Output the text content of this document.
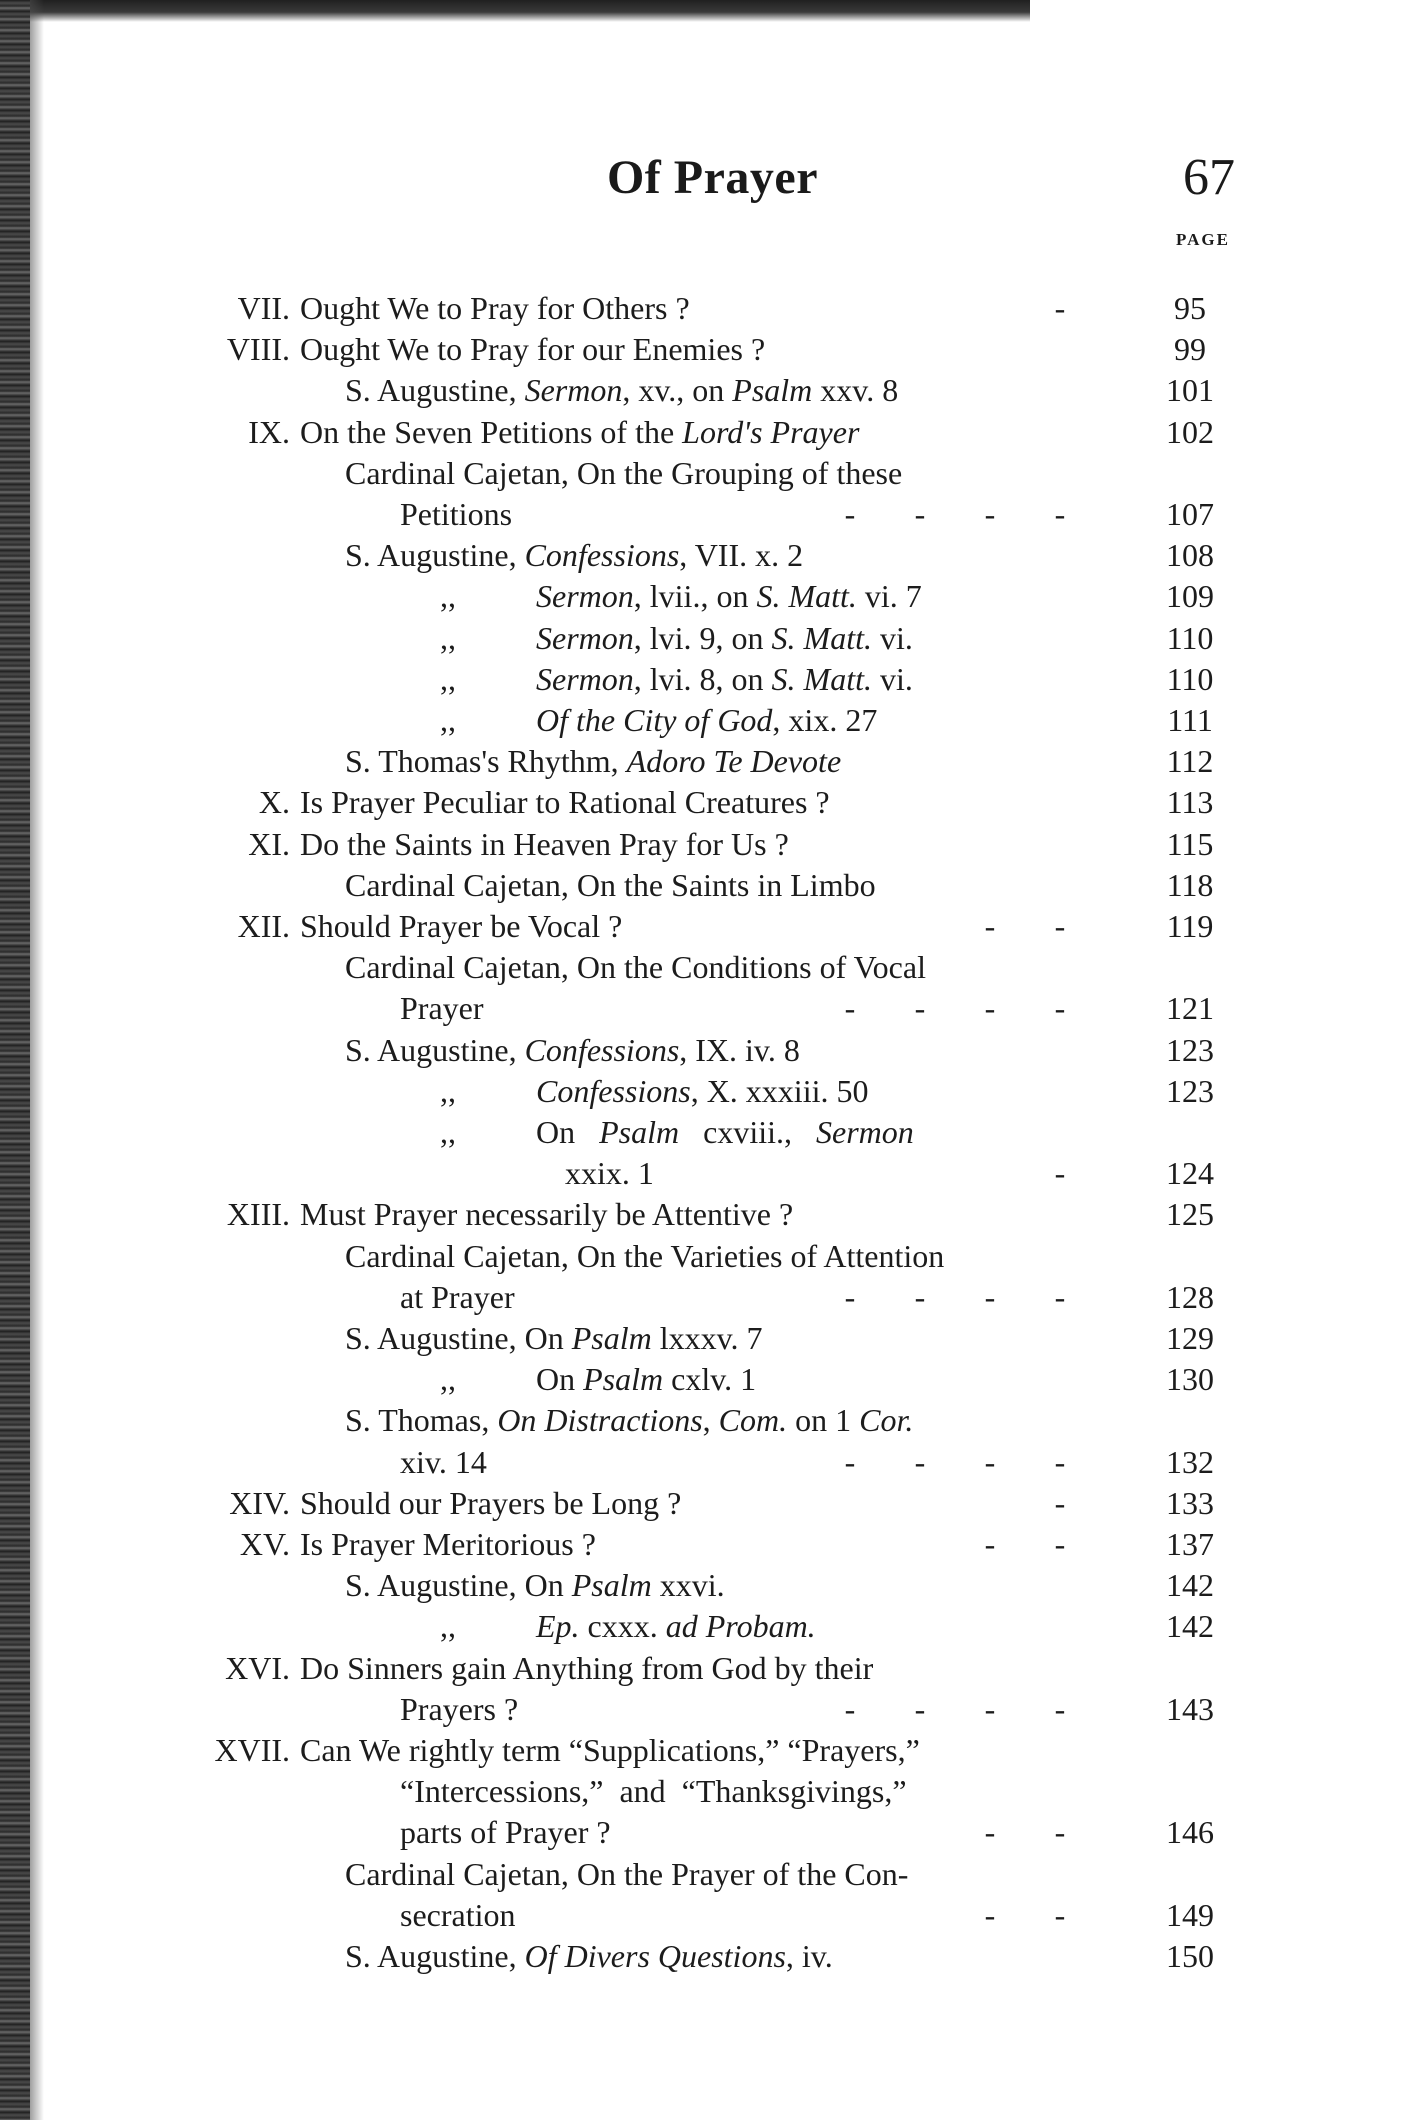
Of Prayer	67
PAGE
VII. Ought We to Pray for Others ?	-	95
VIII. Ought We to Pray for our Enemies ?	99
S. Augustine, Sermon, xv., on Psalm xxv. 8	101
IX. On the Seven Petitions of the Lord's Prayer	102
Cardinal Cajetan, On the Grouping of these
Petitions	- - - -	107
S. Augustine, Confessions, VII. x. 2	108
,,          Sermon, lvii., on S. Matt. vi. 7	109
,,          Sermon, lvi. 9, on S. Matt. vi.	110
,,          Sermon, lvi. 8, on S. Matt. vi.	110
,,          Of the City of God, xix. 27	111
S. Thomas's Rhythm, Adoro Te Devote	112
X. Is Prayer Peculiar to Rational Creatures ?	113
XI. Do the Saints in Heaven Pray for Us ?	115
Cardinal Cajetan, On the Saints in Limbo	118
XII. Should Prayer be Vocal ?	- -	119
Cardinal Cajetan, On the Conditions of Vocal
Prayer	- - - -	121
S. Augustine, Confessions, IX. iv. 8	123
,,          Confessions, X. xxxiii. 50	123
,,          On   Psalm   cxviii.,   Sermon
xxix. 1	-	124
XIII. Must Prayer necessarily be Attentive ?	125
Cardinal Cajetan, On the Varieties of Attention
at Prayer	- - - -	128
S. Augustine, On Psalm lxxxv. 7	129
,,          On Psalm cxlv. 1	130
S. Thomas, On Distractions, Com. on 1 Cor.
xiv. 14	- - - -	132
XIV. Should our Prayers be Long ?	-	133
XV. Is Prayer Meritorious ?	- -	137
S. Augustine, On Psalm xxvi.	142
,,          Ep. cxxx. ad Probam.	142
XVI. Do Sinners gain Anything from God by their
Prayers ?	- - - -	143
XVII. Can We rightly term “Supplications,” “Prayers,”
“Intercessions,”  and  “Thanksgivings,”
parts of Prayer ?	- -	146
Cardinal Cajetan, On the Prayer of the Con-
secration	- -	149
S. Augustine, Of Divers Questions, iv.	150
